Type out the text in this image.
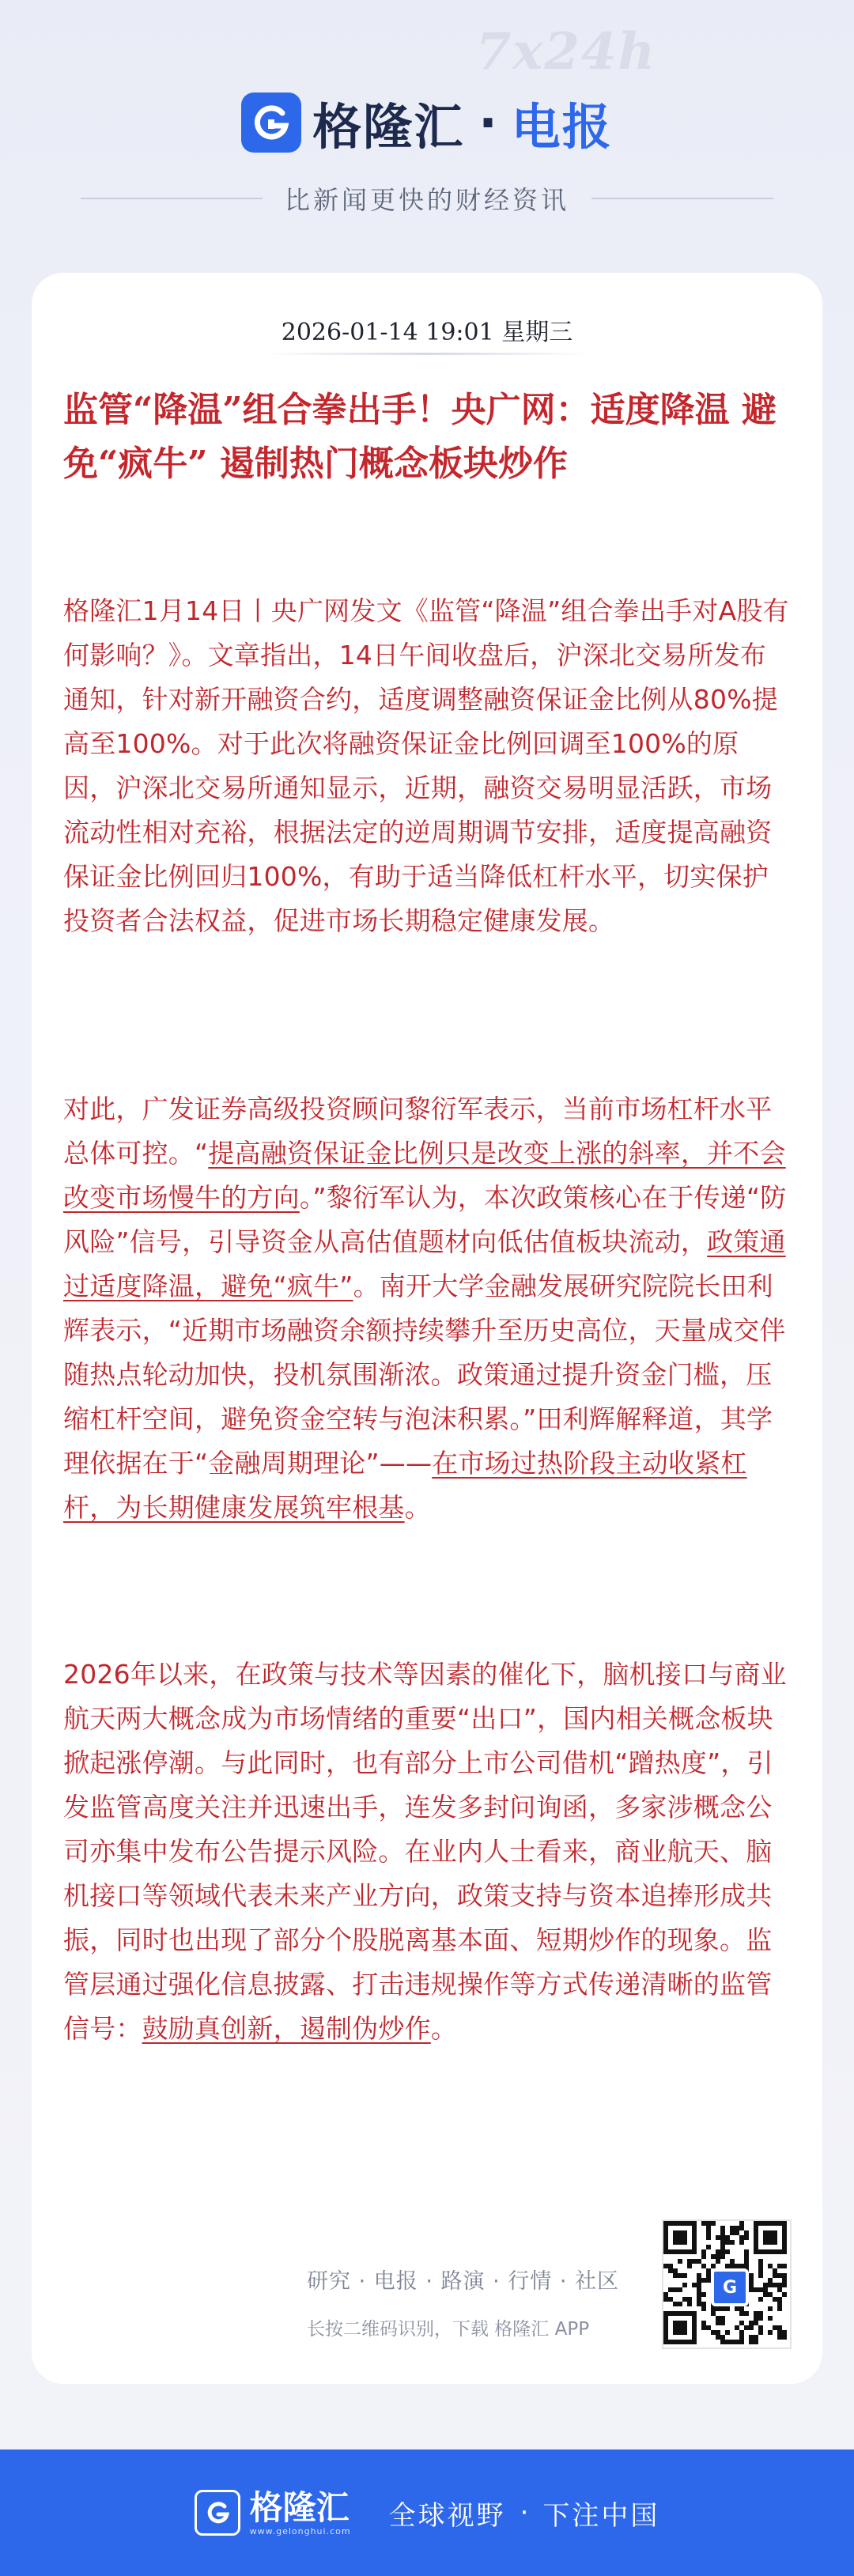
7x24h
格隆汇 · 电报
比新闻更快的财经资讯
2026-01-14 19:01 星期三
监管“降温”组合拳出手！央广网：适度降温 避免“疯牛” 遏制热门概念板块炒作

格隆汇1月14日丨央广网发文《监管“降温”组合拳出手对A股有何影响？》。文章指出，14日午间收盘后，沪深北交易所发布通知，针对新开融资合约，适度调整融资保证金比例从80%提高至100%。对于此次将融资保证金比例回调至100%的原因，沪深北交易所通知显示，近期，融资交易明显活跃，市场流动性相对充裕，根据法定的逆周期调节安排，适度提高融资保证金比例回归100%，有助于适当降低杠杆水平，切实保护投资者合法权益，促进市场长期稳定健康发展。

对此，广发证券高级投资顾问黎衍军表示，当前市场杠杆水平总体可控。“提高融资保证金比例只是改变上涨的斜率，并不会改变市场慢牛的方向。”黎衍军认为，本次政策核心在于传递“防风险”信号，引导资金从高估值题材向低估值板块流动，政策通过适度降温，避免“疯牛”。南开大学金融发展研究院院长田利辉表示，“近期市场融资余额持续攀升至历史高位，天量成交伴随热点轮动加快，投机氛围渐浓。政策通过提升资金门槛，压缩杠杆空间，避免资金空转与泡沫积累。”田利辉解释道，其学理依据在于“金融周期理论”——在市场过热阶段主动收紧杠杆，为长期健康发展筑牢根基。

2026年以来，在政策与技术等因素的催化下，脑机接口与商业航天两大概念成为市场情绪的重要“出口”，国内相关概念板块掀起涨停潮。与此同时，也有部分上市公司借机“蹭热度”，引发监管高度关注并迅速出手，连发多封问询函，多家涉概念公司亦集中发布公告提示风险。在业内人士看来，商业航天、脑机接口等领域代表未来产业方向，政策支持与资本追捧形成共振，同时也出现了部分个股脱离基本面、短期炒作的现象。监管层通过强化信息披露、打击违规操作等方式传递清晰的监管信号：鼓励真创新，遏制伪炒作。

研究 · 电报 · 路演 · 行情 · 社区
长按二维码识别，下载 格隆汇 APP
G
格隆汇
www.gelonghui.com 全球视野 · 下注中国
